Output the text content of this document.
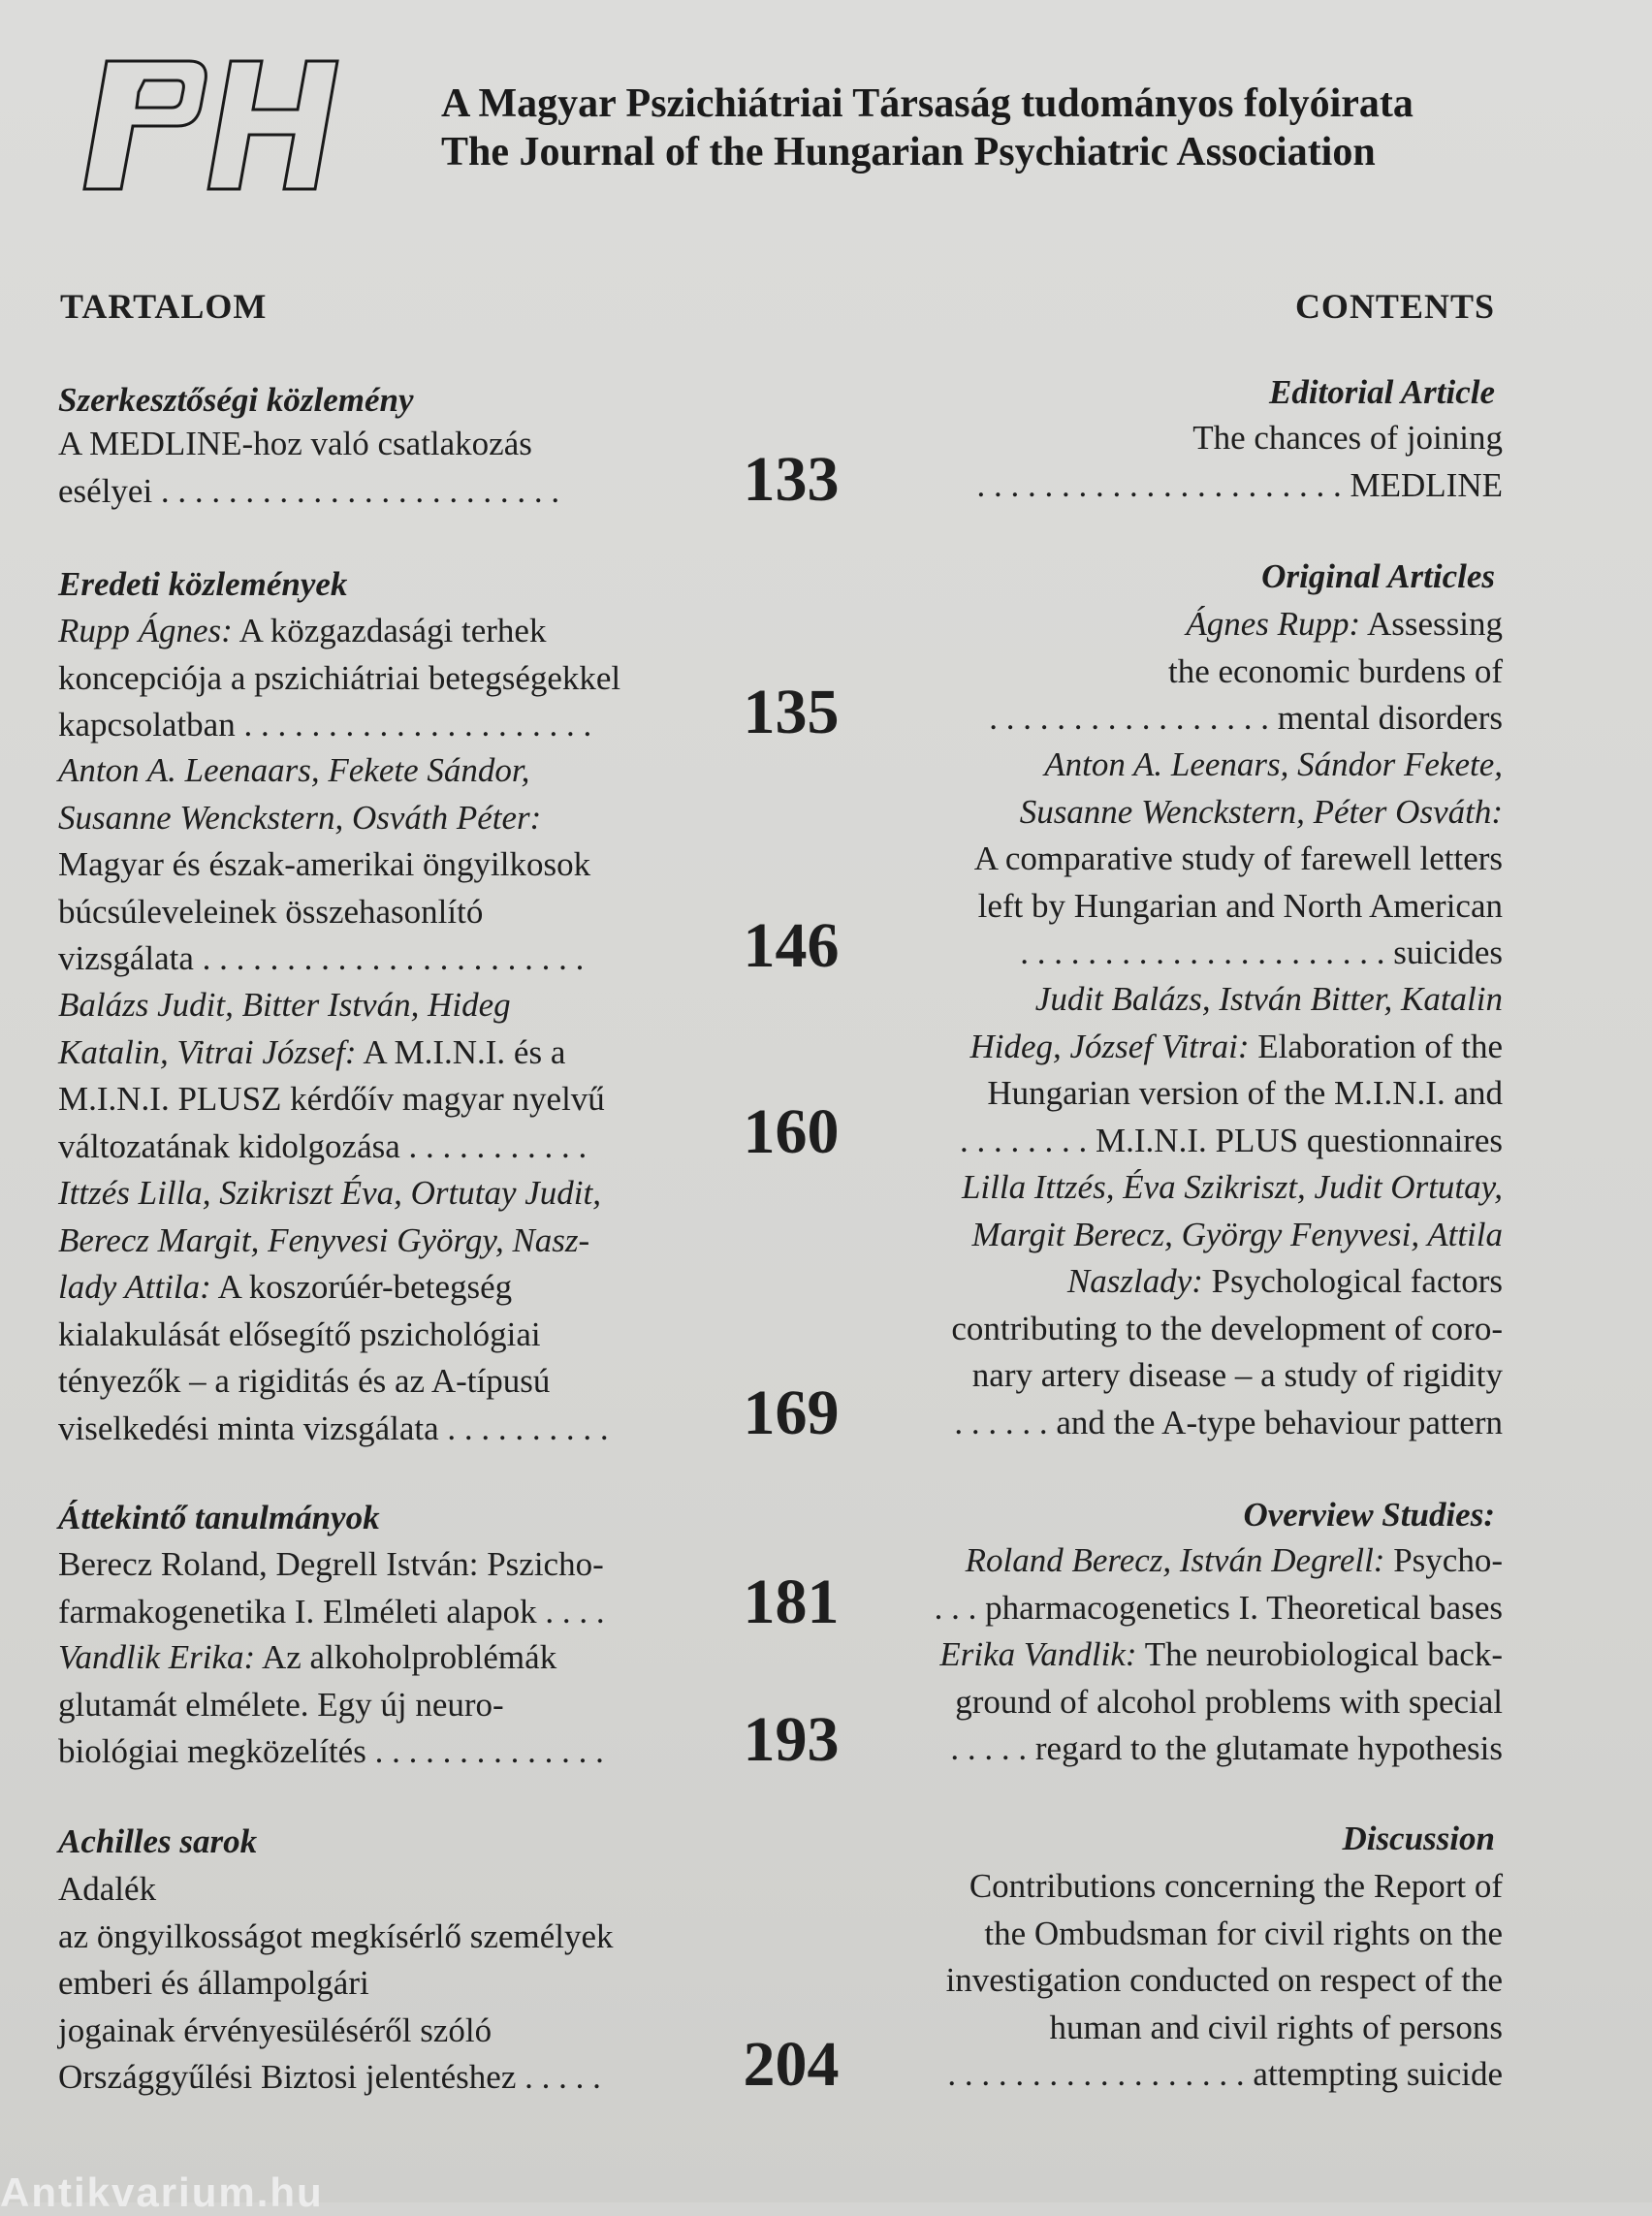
A Magyar Pszichiátriai Társaság tudományos folyóirata
The Journal of the Hungarian Psychiatric Association
TARTALOM	CONTENTS
Szerkesztőségi közlemény	Editorial Article
A MEDLINE-hoz való csatlakozás
esélyei . . . . . . . . . . . . . . . . . . . . . . . .	133
The chances of joining
. . . . . . . . . . . . . . . . . . . . . . MEDLINE
Eredeti közlemények	Original Articles
Rupp Ágnes: A közgazdasági terhek
koncepciója a pszichiátriai betegségekkel
kapcsolatban . . . . . . . . . . . . . . . . . . . . .	135
Ágnes Rupp: Assessing
the economic burdens of
. . . . . . . . . . . . . . . . . mental disorders
Anton A. Leenaars, Fekete Sándor,
Susanne Wenckstern, Osváth Péter:
Magyar és észak-amerikai öngyilkosok
búcsúleveleinek összehasonlító
vizsgálata . . . . . . . . . . . . . . . . . . . . . . .	146
Anton A. Leenars, Sándor Fekete,
Susanne Wenckstern, Péter Osváth:
A comparative study of farewell letters
left by Hungarian and North American
. . . . . . . . . . . . . . . . . . . . . . suicides
Balázs Judit, Bitter István, Hideg
Katalin, Vitrai József: A M.I.N.I. és a
M.I.N.I. PLUSZ kérdőív magyar nyelvű
változatának kidolgozása . . . . . . . . . . .	160
Judit Balázs, István Bitter, Katalin
Hideg, József Vitrai: Elaboration of the
Hungarian version of the M.I.N.I. and
. . . . . . . . M.I.N.I. PLUS questionnaires
Ittzés Lilla, Szikriszt Éva, Ortutay Judit,
Berecz Margit, Fenyvesi György, Nasz-
lady Attila: A koszorúér-betegség
kialakulását elősegítő pszichológiai
tényezők – a rigiditás és az A-típusú
viselkedési minta vizsgálata . . . . . . . . . .	169
Lilla Ittzés, Éva Szikriszt, Judit Ortutay,
Margit Berecz, György Fenyvesi, Attila
Naszlady: Psychological factors
contributing to the development of coro-
nary artery disease – a study of rigidity
. . . . . . and the A-type behaviour pattern
Áttekintő tanulmányok	Overview Studies:
Berecz Roland, Degrell István: Pszicho-
farmakogenetika I. Elméleti alapok . . . .	181
Roland Berecz, István Degrell: Psycho-
. . . pharmacogenetics I. Theoretical bases
Vandlik Erika: Az alkoholproblémák
glutamát elmélete. Egy új neuro-
biológiai megközelítés . . . . . . . . . . . . . .	193
Erika Vandlik: The neurobiological back-
ground of alcohol problems with special
. . . . . regard to the glutamate hypothesis
Achilles sarok	Discussion
Adalék
az öngyilkosságot megkísérlő személyek
emberi és állampolgári
jogainak érvényesüléséről szóló
Országgyűlési Biztosi jelentéshez . . . . .	204
Contributions concerning the Report of
the Ombudsman for civil rights on the
investigation conducted on respect of the
human and civil rights of persons
. . . . . . . . . . . . . . . . . . attempting suicide
Antikvarium.hu
